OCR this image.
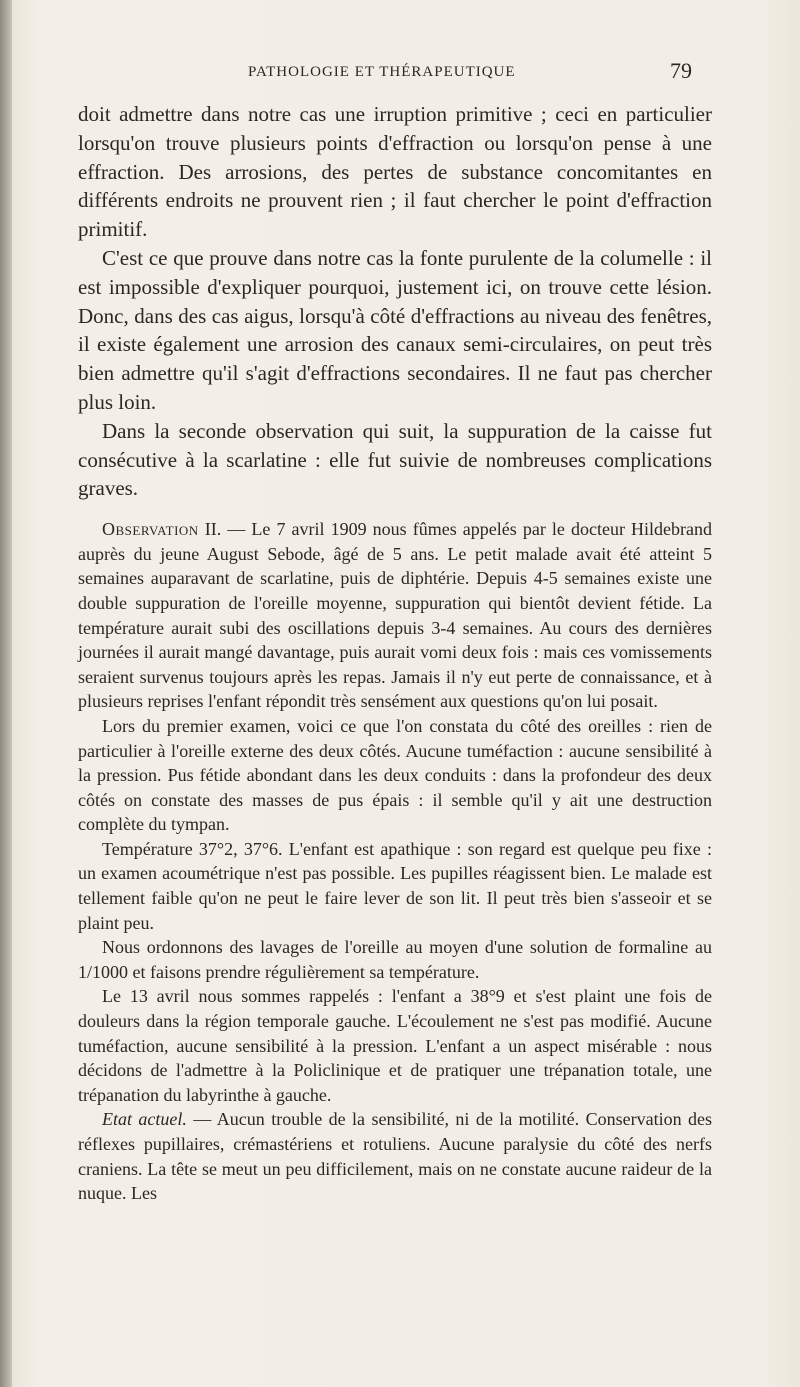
PATHOLOGIE ET THÉRAPEUTIQUE	79

doit admettre dans notre cas une irruption primitive ; ceci en particulier lorsqu'on trouve plusieurs points d'effraction ou lorsqu'on pense à une effraction. Des arrosions, des pertes de substance concomitantes en différents endroits ne prouvent rien ; il faut chercher le point d'effraction primitif.

C'est ce que prouve dans notre cas la fonte purulente de la columelle : il est impossible d'expliquer pourquoi, justement ici, on trouve cette lésion. Donc, dans des cas aigus, lorsqu'à côté d'effractions au niveau des fenêtres, il existe également une arrosion des canaux semi-circulaires, on peut très bien admettre qu'il s'agit d'effractions secondaires. Il ne faut pas chercher plus loin.

Dans la seconde observation qui suit, la suppuration de la caisse fut consécutive à la scarlatine : elle fut suivie de nombreuses complications graves.

Observation II. — Le 7 avril 1909 nous fûmes appelés par le docteur Hildebrand auprès du jeune August Sebode, âgé de 5 ans. Le petit malade avait été atteint 5 semaines auparavant de scarlatine, puis de diphtérie. Depuis 4-5 semaines existe une double suppuration de l'oreille moyenne, suppuration qui bientôt devient fétide. La température aurait subi des oscillations depuis 3-4 semaines. Au cours des dernières journées il aurait mangé davantage, puis aurait vomi deux fois : mais ces vomissements seraient survenus toujours après les repas. Jamais il n'y eut perte de connaissance, et à plusieurs reprises l'enfant répondit très sensément aux questions qu'on lui posait.

Lors du premier examen, voici ce que l'on constata du côté des oreilles : rien de particulier à l'oreille externe des deux côtés. Aucune tuméfaction : aucune sensibilité à la pression. Pus fétide abondant dans les deux conduits : dans la profondeur des deux côtés on constate des masses de pus épais : il semble qu'il y ait une destruction complète du tympan.

Température 37°2, 37°6. L'enfant est apathique : son regard est quelque peu fixe : un examen acoumétrique n'est pas possible. Les pupilles réagissent bien. Le malade est tellement faible qu'on ne peut le faire lever de son lit. Il peut très bien s'asseoir et se plaint peu.

Nous ordonnons des lavages de l'oreille au moyen d'une solution de formaline au 1/1000 et faisons prendre régulièrement sa température.

Le 13 avril nous sommes rappelés : l'enfant a 38°9 et s'est plaint une fois de douleurs dans la région temporale gauche. L'écoulement ne s'est pas modifié. Aucune tuméfaction, aucune sensibilité à la pression. L'enfant a un aspect misérable : nous décidons de l'admettre à la Policlinique et de pratiquer une trépanation totale, une trépanation du labyrinthe à gauche.

Etat actuel. — Aucun trouble de la sensibilité, ni de la motilité. Conservation des réflexes pupillaires, crémastériens et rotuliens. Aucune paralysie du côté des nerfs craniens. La tête se meut un peu difficilement, mais on ne constate aucune raideur de la nuque. Les
